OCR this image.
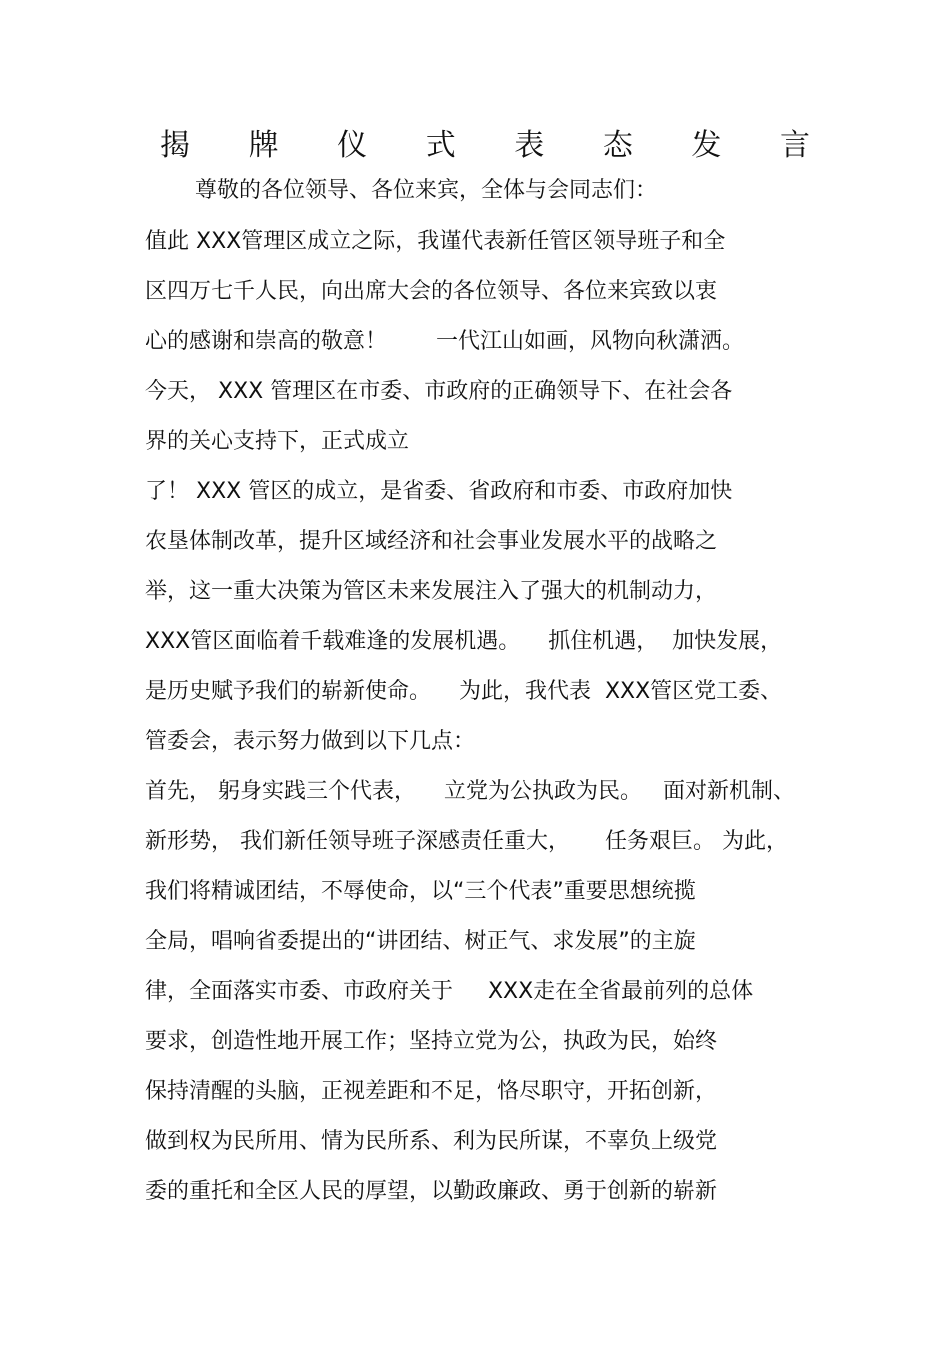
揭 牌 仪 式 表 态 发 言
尊敬的各位领导、各位来宾，全体与会同志们：
值此 XXX管理区成立之际，我谨代表新任管区领导班子和全
区四万七千人民，向出席大会的各位领导、各位来宾致以衷
心的感谢和崇高的敬意！       一代江山如画，风物向秋潇洒。
今天， XXX 管理区在市委、市政府的正确领导下、在社会各
界的关心支持下，正式成立
了！ XXX 管区的成立，是省委、省政府和市委、市政府加快
农垦体制改革，提升区域经济和社会事业发展水平的战略之
举，这一重大决策为管区未来发展注入了强大的机制动力，
XXX管区面临着千载难逢的发展机遇。    抓住机遇，  加快发展，
是历史赋予我们的崭新使命。    为此，我代表  XXX管区党工委、
管委会，表示努力做到以下几点：
首先， 躬身实践三个代表，    立党为公执政为民。   面对新机制、
新形势， 我们新任领导班子深感责任重大，     任务艰巨。 为此，
我们将精诚团结，不辱使命，以“三个代表”重要思想统揽
全局，唱响省委提出的“讲团结、树正气、求发展”的主旋
律，全面落实市委、市政府关于     XXX走在全省最前列的总体
要求，创造性地开展工作；坚持立党为公，执政为民，始终
保持清醒的头脑，正视差距和不足，恪尽职守，开拓创新，
做到权为民所用、情为民所系、利为民所谋，不辜负上级党
委的重托和全区人民的厚望，以勤政廉政、勇于创新的崭新
